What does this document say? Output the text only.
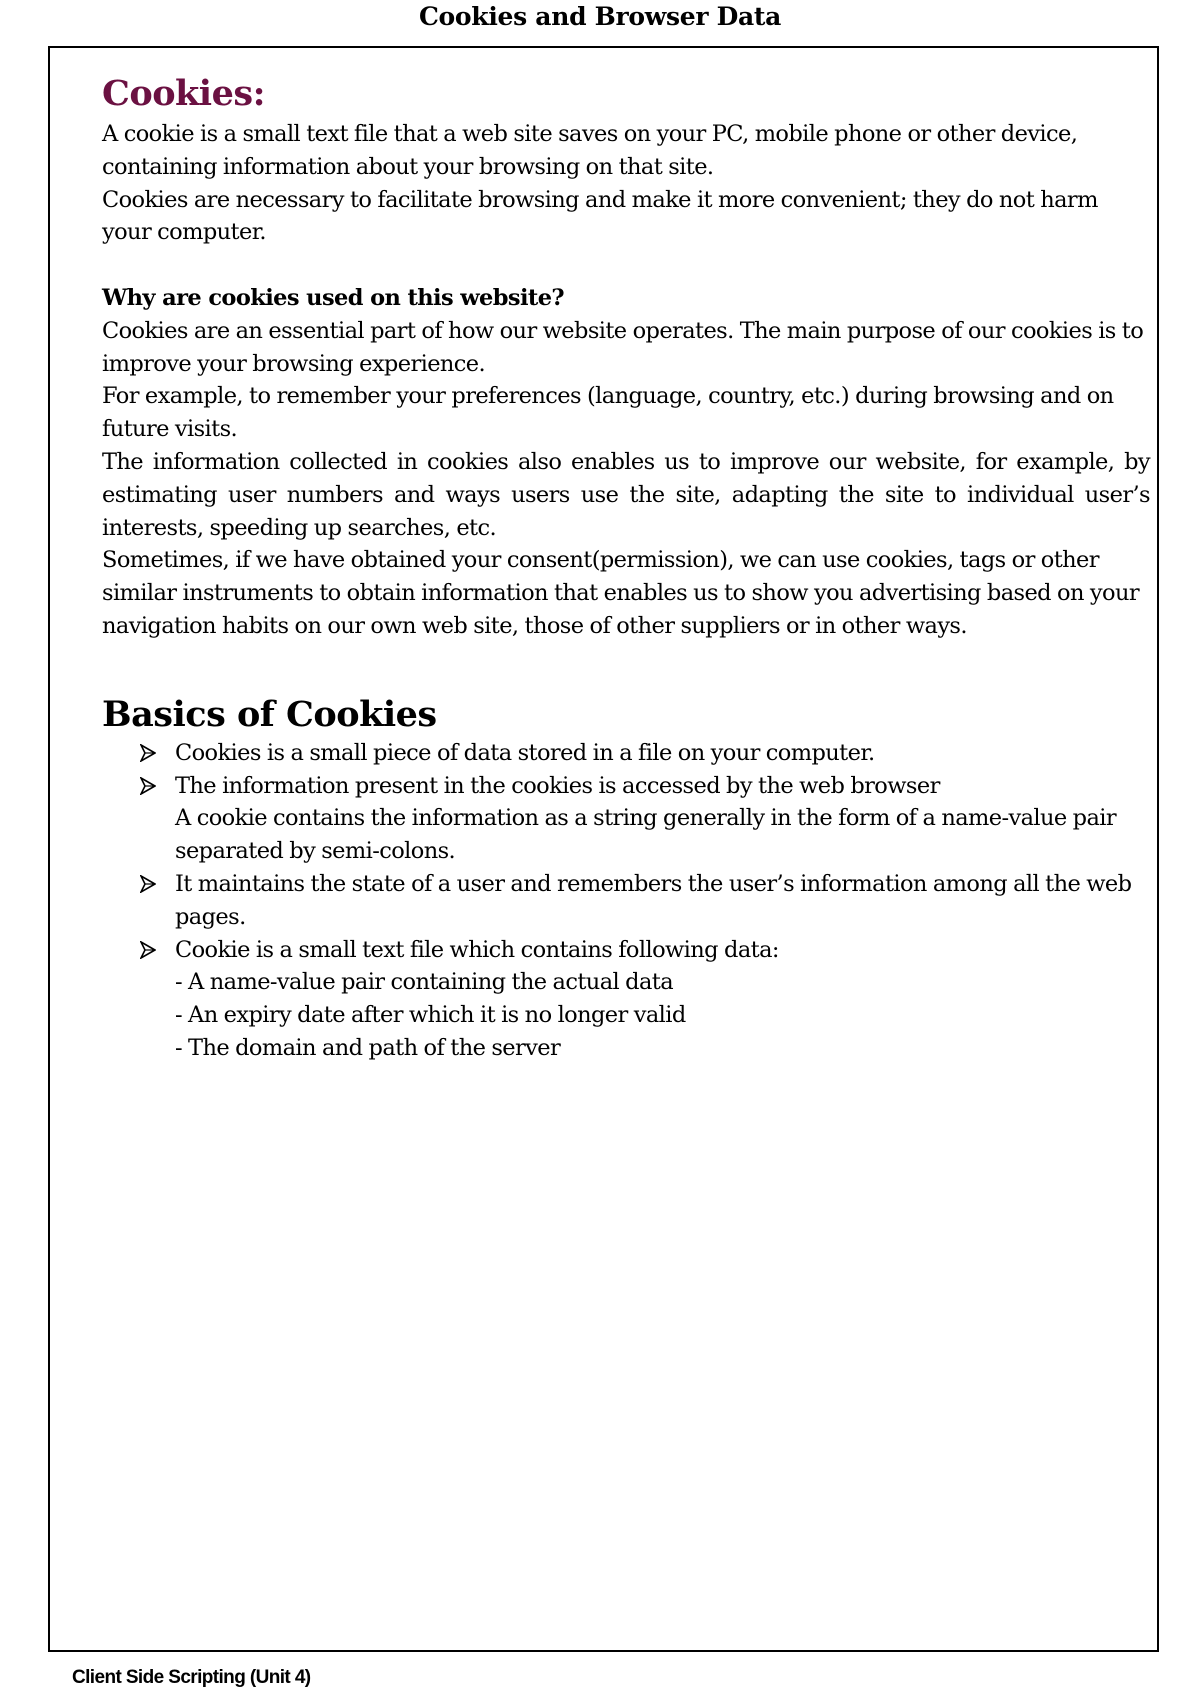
Cookies and Browser Data
Cookies:

A cookie is a small text file that a web site saves on your PC, mobile phone or other device, containing information about your browsing on that site.

Cookies are necessary to facilitate browsing and make it more convenient; they do not harm your computer.

Why are cookies used on this website?

Cookies are an essential part of how our website operates. The main purpose of our cookies is to improve your browsing experience.

For example, to remember your preferences (language, country, etc.) during browsing and on future visits.

The information collected in cookies also enables us to improve our website, for example, by estimating user numbers and ways users use the site, adapting the site to individual user’s interests, speeding up searches, etc.

Sometimes, if we have obtained your consent(permission), we can use cookies, tags or other similar instruments to obtain information that enables us to show you advertising based on your navigation habits on our own web site, those of other suppliers or in other ways.

Basics of Cookies

Cookies is a small piece of data stored in a file on your computer.

The information present in the cookies is accessed by the web browser

A cookie contains the information as a string generally in the form of a name-value pair separated by semi-colons.

It maintains the state of a user and remembers the user’s information among all the web pages.

Cookie is a small text file which contains following data:

- A name-value pair containing the actual data

- An expiry date after which it is no longer valid

- The domain and path of the server

Client Side Scripting (Unit 4)
